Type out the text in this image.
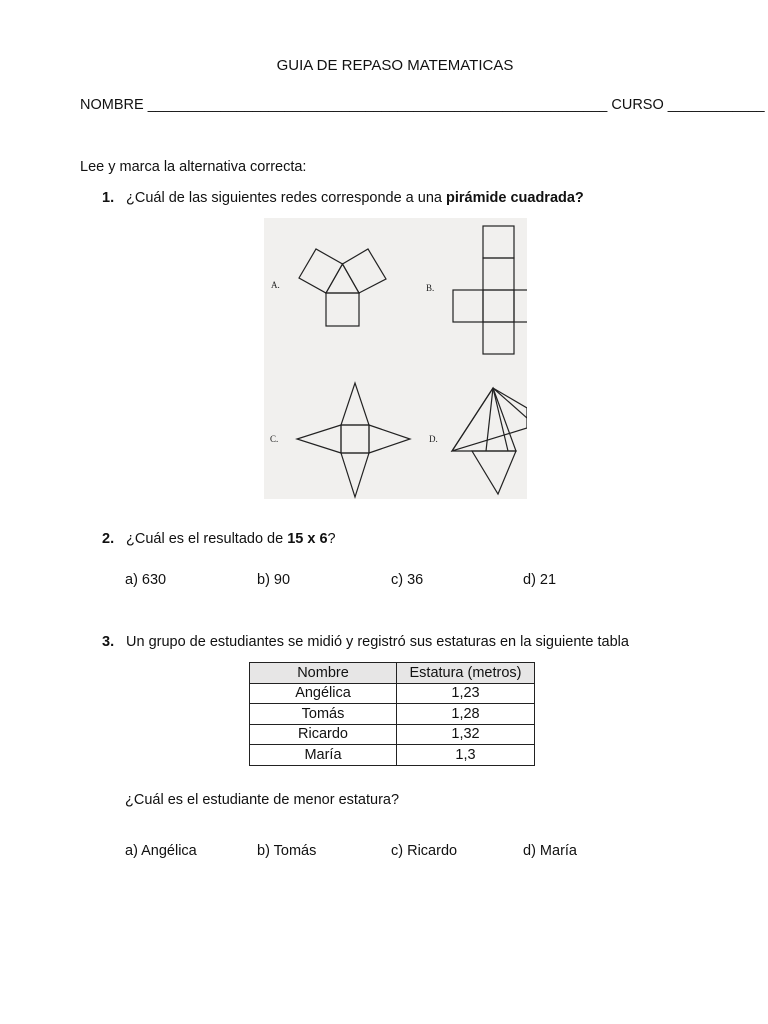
GUIA DE REPASO MATEMATICAS
NOMBRE _________________________________________________________ CURSO ____________
Lee y marca la alternativa correcta:
1. ¿Cuál de las siguientes redes corresponde a una pirámide cuadrada?
A.	B.
C.	D.
2. ¿Cuál es el resultado de 15 x 6?
a) 630	b) 90	c) 36	d) 21
3. Un grupo de estudiantes se midió y registró sus estaturas en la siguiente tabla
Nombre	Estatura (metros)
Angélica	1,23
Tomás	1,28
Ricardo	1,32
María	1,3
¿Cuál es el estudiante de menor estatura?
a) Angélica	b) Tomás	c) Ricardo	d) María
